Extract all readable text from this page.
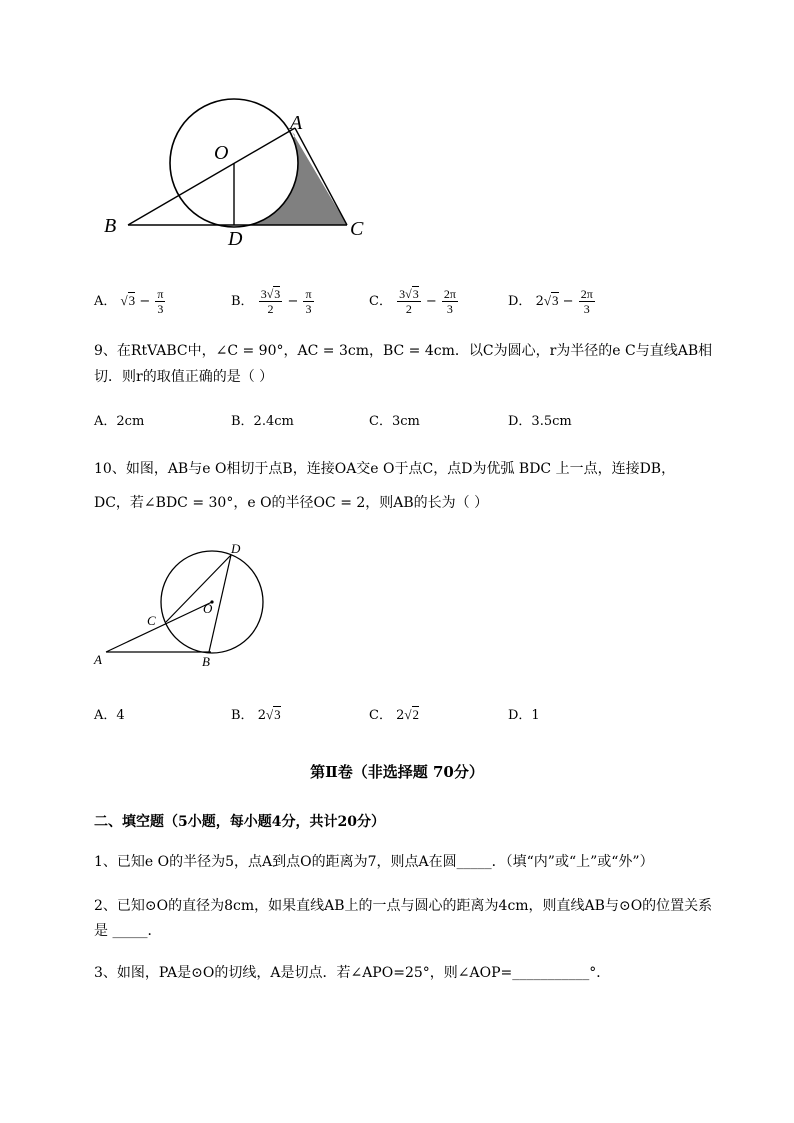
A
B	C
D
O
A． $√3 - \frac{\pi}{3}$	B． $\frac{3√3}{2} - \frac{\pi}{3}$	C． $\frac{3√3}{2} - \frac{2\pi}{3}$	D． $2√3 - \frac{2\pi}{3}$
9、在RtVABC中，∠C = 90°，AC = 3cm，BC = 4cm．以C为圆心，r为半径的e C与直线AB相
切．则r的取值正确的是（ ）
A．2cm	B．2.4cm	C．3cm	D．3.5cm
10、如图，AB与e O相切于点B，连接OA交e O于点C，点D为优弧 BDC 上一点，连接DB，
DC，若∠BDC = 30°，e O的半径OC = 2，则AB的长为（ ）
A	B
C
D
O
A．4	B． 2√3	C． 2√2	D．1
第Ⅱ卷（非选择题 70分）
二、填空题（5小题，每小题4分，共计20分）
1、已知e O的半径为5，点A到点O的距离为7，则点A在圆_____．（填“内”或“上”或“外”）
2、已知⊙O的直径为8cm，如果直线AB上的一点与圆心的距离为4cm，则直线AB与⊙O的位置关系
是 _____．
3、如图，PA是⊙O的切线，A是切点．若∠APO=25°，则∠AOP=___________°．
